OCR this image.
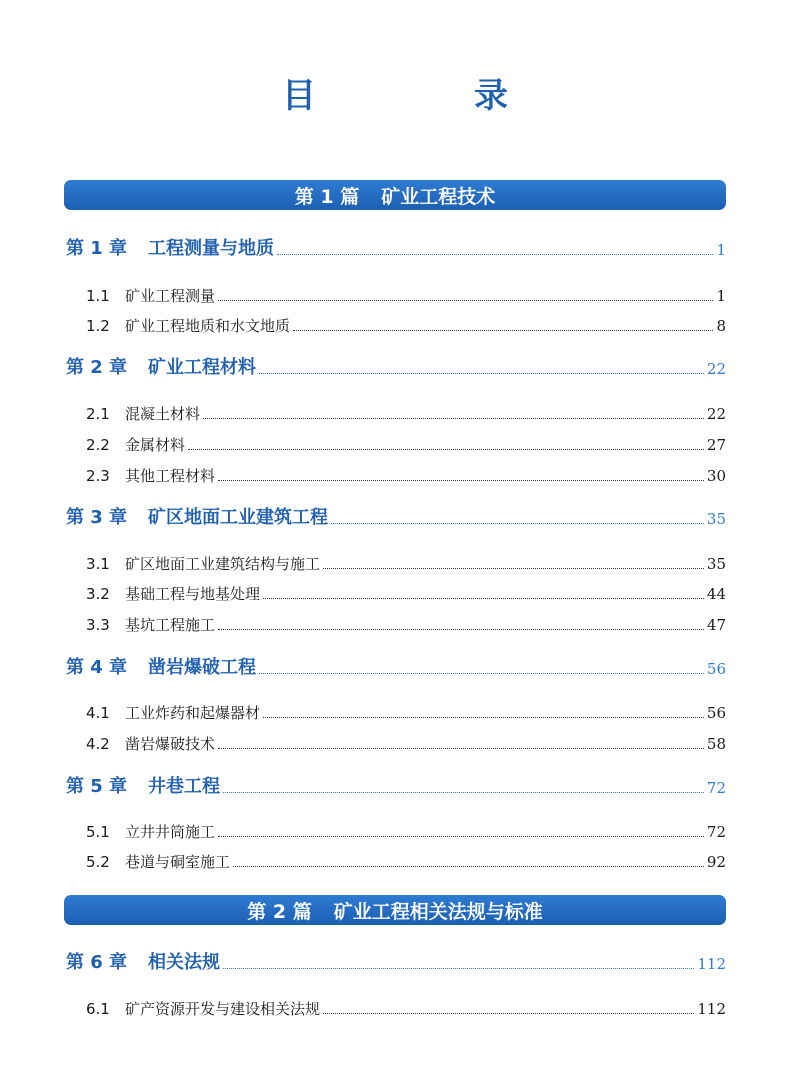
目　录
第 1 篇 矿业工程技术
第 1 章 工程测量与地质	1
1.1 矿业工程测量	1
1.2 矿业工程地质和水文地质	8
第 2 章 矿业工程材料	22
2.1 混凝土材料	22
2.2 金属材料	27
2.3 其他工程材料	30
第 3 章 矿区地面工业建筑工程	35
3.1 矿区地面工业建筑结构与施工	35
3.2 基础工程与地基处理	44
3.3 基坑工程施工	47
第 4 章 凿岩爆破工程	56
4.1 工业炸药和起爆器材	56
4.2 凿岩爆破技术	58
第 5 章 井巷工程	72
5.1 立井井筒施工	72
5.2 巷道与硐室施工	92
第 2 篇 矿业工程相关法规与标准
第 6 章 相关法规	112
6.1 矿产资源开发与建设相关法规	112
